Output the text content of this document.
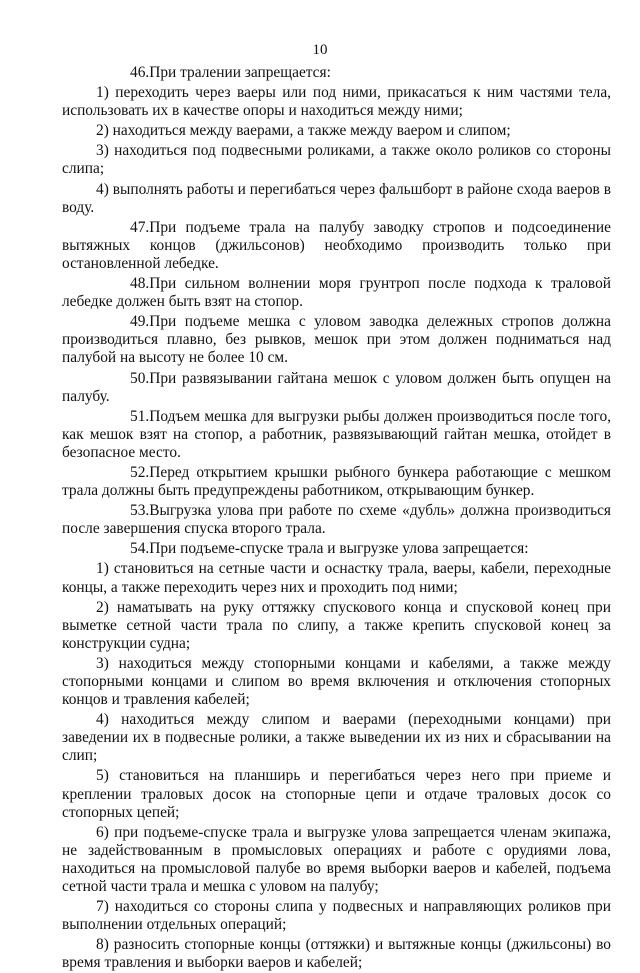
10

46.При тралении запрещается:

1) переходить через ваеры или под ними, прикасаться к ним частями тела, использовать их в качестве опоры и находиться между ними;

2) находиться между ваерами, а также между ваером и слипом;

3) находиться под подвесными роликами, а также около роликов со стороны слипа;

4) выполнять работы и перегибаться через фальшборт в районе схода ваеров в воду.

47.При подъеме трала на палубу заводку стропов и подсоединение вытяжных концов (джильсонов) необходимо производить только при остановленной лебедке.

48.При сильном волнении моря грунтроп после подхода к траловой лебедке должен быть взят на стопор.

49.При подъеме мешка с уловом заводка дележных стропов должна производиться плавно, без рывков, мешок при этом должен подниматься над палубой на высоту не более 10 см.

50.При развязывании гайтана мешок с уловом должен быть опущен на палубу.

51.Подъем мешка для выгрузки рыбы должен производиться после того, как мешок взят на стопор, а работник, развязывающий гайтан мешка, отойдет в безопасное место.

52.Перед открытием крышки рыбного бункера работающие с мешком трала должны быть предупреждены работником, открывающим бункер.

53.Выгрузка улова при работе по схеме «дубль» должна производиться после завершения спуска второго трала.

54.При подъеме-спуске трала и выгрузке улова запрещается:

1) становиться на сетные части и оснастку трала, ваеры, кабели, переходные концы, а также переходить через них и проходить под ними;

2) наматывать на руку оттяжку спускового конца и спусковой конец при выметке сетной части трала по слипу, а также крепить спусковой конец за конструкции судна;

3) находиться между стопорными концами и кабелями, а также между стопорными концами и слипом во время включения и отключения стопорных концов и травления кабелей;

4) находиться между слипом и ваерами (переходными концами) при заведении их в подвесные ролики, а также выведении их из них и сбрасывании на слип;

5) становиться на планширь и перегибаться через него при приеме и креплении траловых досок на стопорные цепи и отдаче траловых досок со стопорных цепей;

6) при подъеме-спуске трала и выгрузке улова запрещается членам экипажа, не задействованным в промысловых операциях и работе с орудиями лова, находиться на промысловой палубе во время выборки ваеров и кабелей, подъема сетной части трала и мешка с уловом на палубу;

7) находиться со стороны слипа у подвесных и направляющих роликов при выполнении отдельных операций;

8) разносить стопорные концы (оттяжки) и вытяжные концы (джильсоны) во время травления и выборки ваеров и кабелей;
